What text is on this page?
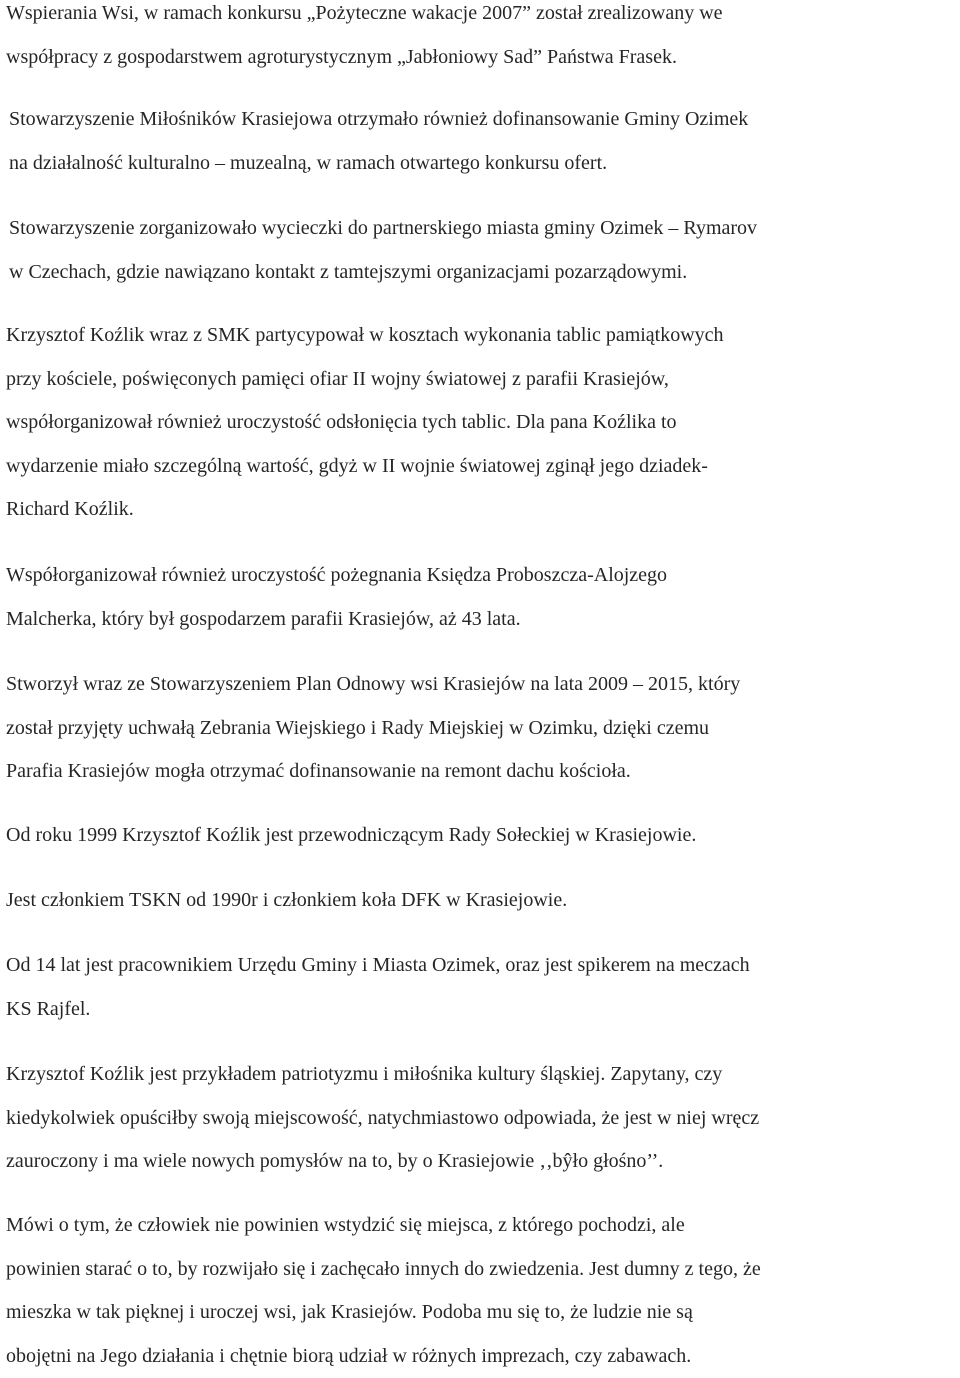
Wspierania Wsi, w ramach konkursu „Pożyteczne wakacje 2007” został zrealizowany we
współpracy z gospodarstwem agroturystycznym „Jabłoniowy Sad” Państwa Frasek.

Stowarzyszenie Miłośników Krasiejowa otrzymało również dofinansowanie Gminy Ozimek
na działalność kulturalno – muzealną, w ramach otwartego konkursu ofert.

Stowarzyszenie zorganizowało wycieczki do partnerskiego miasta gminy Ozimek – Rymarov
w Czechach, gdzie nawiązano kontakt z tamtejszymi organizacjami pozarządowymi.

Krzysztof Koźlik wraz z SMK partycypował w kosztach wykonania tablic pamiątkowych
przy kościele, poświęconych pamięci ofiar II wojny światowej z parafii Krasiejów,
współorganizował również uroczystość odsłonięcia tych tablic. Dla pana Koźlika to
wydarzenie miało szczególną wartość, gdyż w II wojnie światowej zginął jego dziadek-
Richard Koźlik.

Współorganizował również uroczystość pożegnania Księdza Proboszcza-Alojzego
Malcherka, który był gospodarzem parafii Krasiejów, aż 43 lata.

Stworzył wraz ze Stowarzyszeniem Plan Odnowy wsi Krasiejów na lata 2009 – 2015, który
został przyjęty uchwałą Zebrania Wiejskiego i Rady Miejskiej w Ozimku, dzięki czemu
Parafia Krasiejów mogła otrzymać dofinansowanie na remont dachu kościoła.

Od roku 1999 Krzysztof Koźlik jest przewodniczącym Rady Sołeckiej w Krasiejowie.

Jest członkiem TSKN od 1990r i członkiem koła DFK w Krasiejowie.

Od 14 lat jest pracownikiem Urzędu Gminy i Miasta Ozimek, oraz jest spikerem na meczach
KS Rajfel.

Krzysztof Koźlik jest przykładem patriotyzmu i miłośnika kultury śląskiej. Zapytany, czy
kiedykolwiek opuściłby swoją miejscowość, natychmiastowo odpowiada, że jest w niej wręcz
zauroczony i ma wiele nowych pomysłów na to, by o Krasiejowie ‚‚bŷło głośno’’.

Mówi o tym, że człowiek nie powinien wstydzić się miejsca, z którego pochodzi, ale
powinien starać o to, by rozwijało się i zachęcało innych do zwiedzenia. Jest dumny z tego, że
mieszka w tak pięknej i uroczej wsi, jak Krasiejów. Podoba mu się to, że ludzie nie są
obojętni na Jego działania i chętnie biorą udział w różnych imprezach, czy zabawach.
